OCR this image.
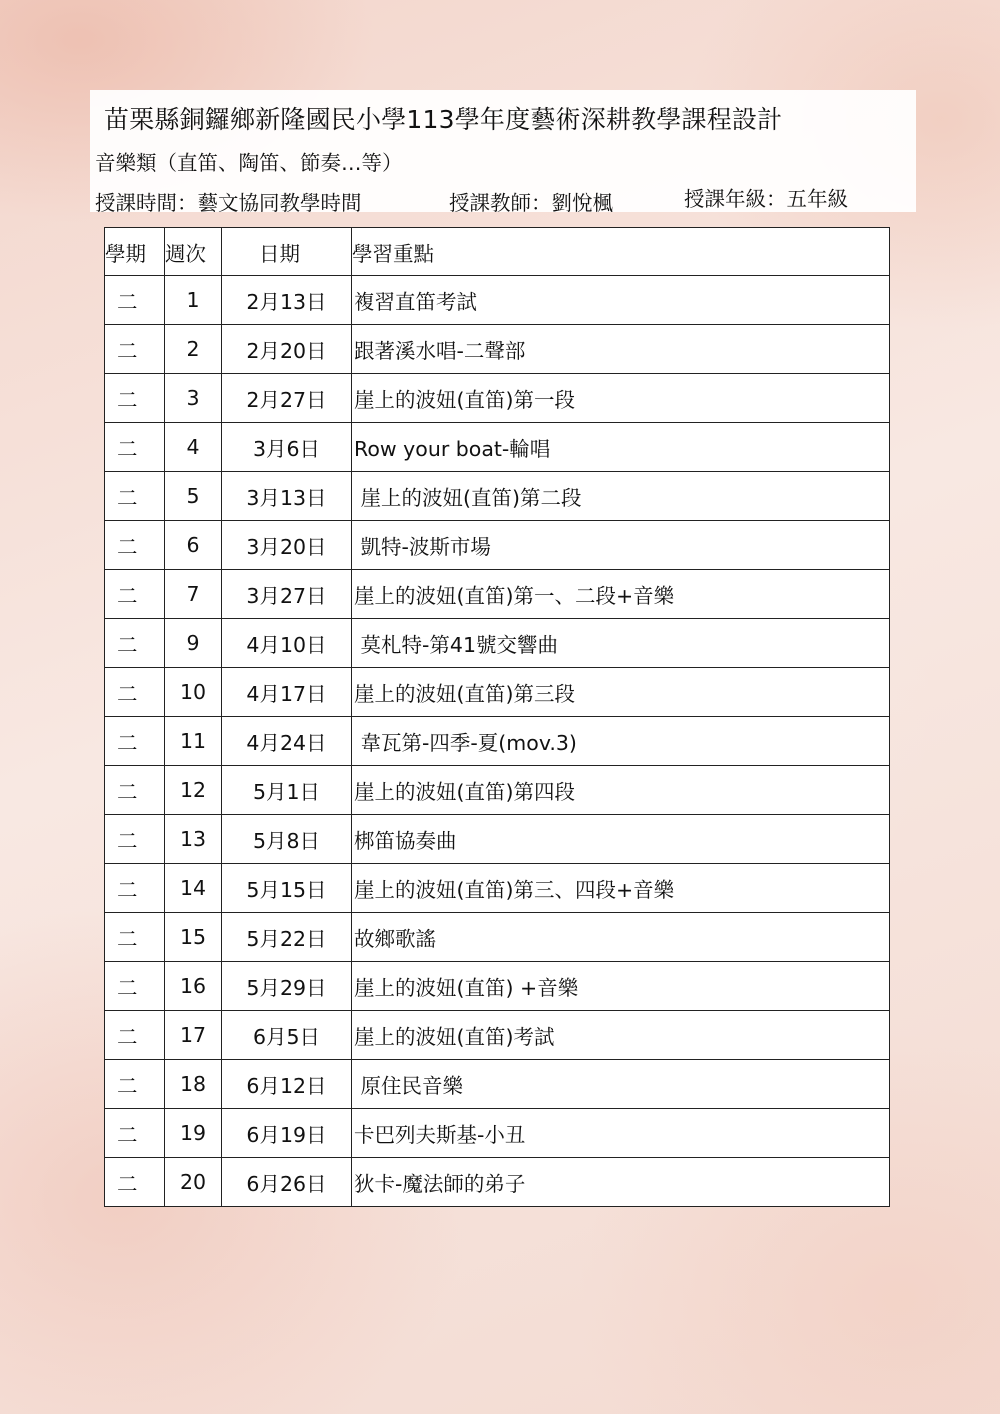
苗栗縣銅鑼鄉新隆國民小學113學年度藝術深耕教學課程設計
音樂類（直笛、陶笛、節奏…等）
授課時間：藝文協同教學時間	授課教師：劉悅楓	授課年級：五年級
學期	週次	日期	學習重點
二	1	2月13日	複習直笛考試
二	2	2月20日	跟著溪水唱-二聲部
二	3	2月27日	崖上的波妞(直笛)第一段
二	4	3月6日	Row your boat-輪唱
二	5	3月13日	崖上的波妞(直笛)第二段
二	6	3月20日	凱特-波斯市場
二	7	3月27日	崖上的波妞(直笛)第一、二段+音樂
二	9	4月10日	莫札特-第41號交響曲
二	10	4月17日	崖上的波妞(直笛)第三段
二	11	4月24日	韋瓦第-四季-夏(mov.3)
二	12	5月1日	崖上的波妞(直笛)第四段
二	13	5月8日	梆笛協奏曲
二	14	5月15日	崖上的波妞(直笛)第三、四段+音樂
二	15	5月22日	故鄉歌謠
二	16	5月29日	崖上的波妞(直笛) +音樂
二	17	6月5日	崖上的波妞(直笛)考試
二	18	6月12日	原住民音樂
二	19	6月19日	卡巴列夫斯基-小丑
二	20	6月26日	狄卡-魔法師的弟子
